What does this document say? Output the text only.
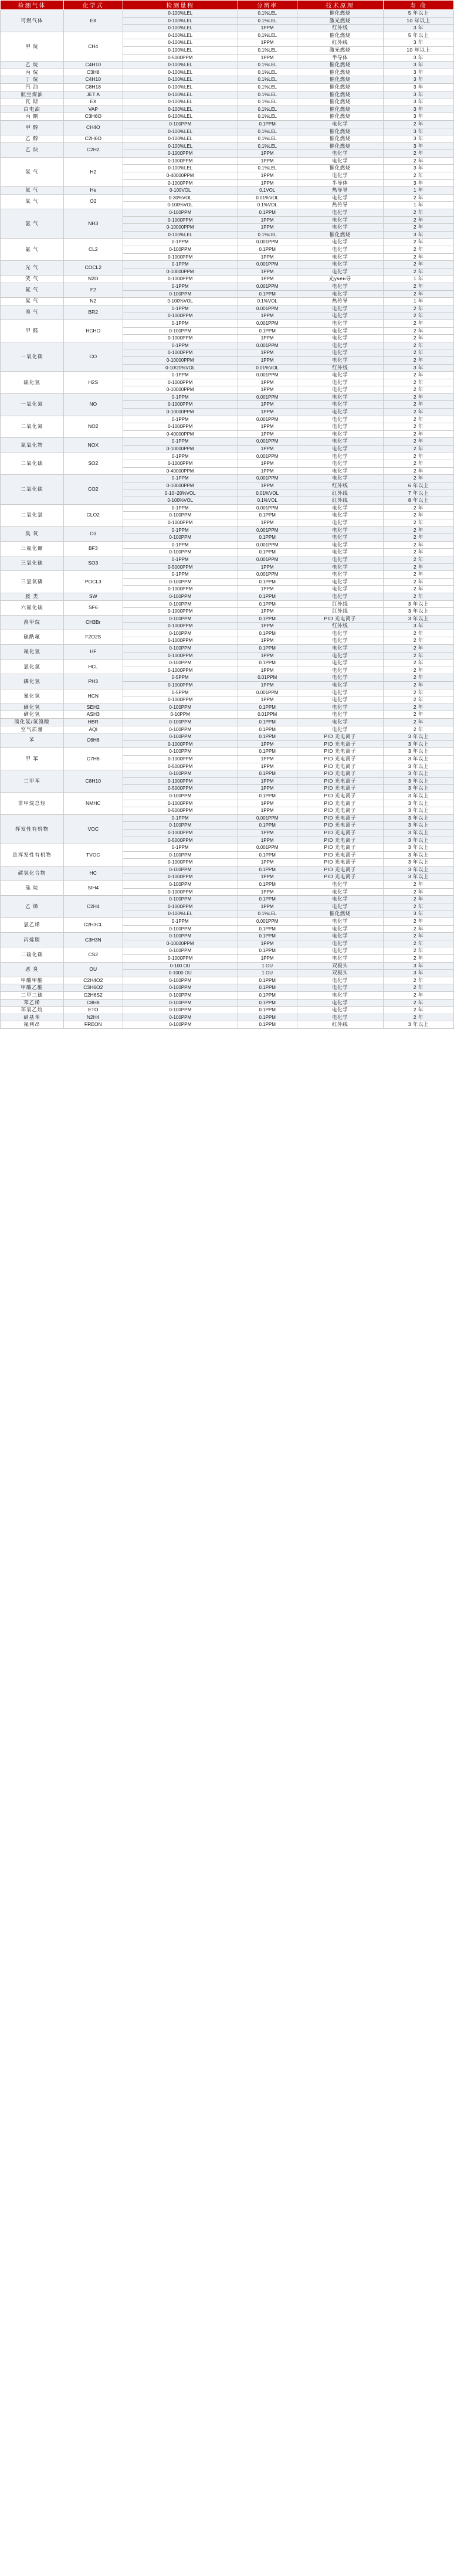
检测气体	化学式	检测量程	分辨率	技术原理	寿 命
可燃气体	EX	0-100%LEL	0.1%LEL	催化燃烧	5 年以上
		0-100%LEL	0.1%LEL	激光燃烧	10 年以上
		0-100%LEL	1PPM	红外线	3 年
甲 烷	CH4	0-100%LEL	0.1%LEL	催化燃烧	5 年以上
		0-100%LEL	1PPM	红外线	3 年
		0-100%LEL	0.1%LEL	激光燃烧	10 年以上
		0-5000PPM	1PPM	半导体	3 年
乙 烷	C4H10	0-100%LEL	0.1%LEL	催化燃烧	3 年
丙 烷	C3H8	0-100%LEL	0.1%LEL	催化燃烧	3 年
丁 烷	C4H10	0-100%LEL	0.1%LEL	催化燃烧	3 年
汽 油	C8H18	0-100%LEL	0.1%LEL	催化燃烧	3 年
航空煤油	JET A	0-100%LEL	0.1%LEL	催化燃烧	3 年
瓦 斯	EX	0-100%LEL	0.1%LEL	催化燃烧	3 年
白电油	VAP	0-100%LEL	0.1%LEL	催化燃烧	3 年
丙 酮	C3H6O	0-100%LEL	0.1%LEL	催化燃烧	3 年
甲 醇	CH4O	0-100PPM	0.1PPM	电化学	2 年
		0-100%LEL	0.1%LEL	催化燃烧	3 年
乙 醇	C2H6O	0-100%LEL	0.1%LEL	催化燃烧	3 年
乙 炔	C2H2	0-100%LEL	0.1%LEL	催化燃烧	3 年
		0-1000PPM	1PPM	电化学	2 年
氢 气	H2	0-1000PPM	1PPM	电化学	2 年
		0-100%LEL	0.1%LEL	催化燃烧	3 年
		0-40000PPM	1PPM	电化学	2 年
		0-1000PPM	1PPM	半导体	3 年
氦 气	He	0-100VOL	0.1VOL	热导导	1 年
氧 气	O2	0-30%VOL	0.01%VOL	电化学	2 年
		0-100%VOL	0.1%VOL	热传导	1 年
氨 气	NH3	0-100PPM	0.1PPM	电化学	2 年
		0-1000PPM	1PPM	电化学	2 年
		0-10000PPM	1PPM	电化学	2 年
		0-100%LEL	0.1%LEL	催化燃烧	3 年
氯 气	CL2	0-1PPM	0.001PPM	电化学	2 年
		0-100PPM	0.1PPM	电化学	2 年
		0-1000PPM	1PPM	电化学	2 年
光 气	COCL2	0-1PPM	0.001PPM	电化学	2 年
		0-10000PPM	1PPM	电化学	2 年
笑 气	N2O	0-1000PPM	1PPM	光учен导	1 年
氟 气	F2	0-1PPM	0.001PPM	电化学	2 年
		0-100PPM	0.1PPM	电化学	2 年
氮 气	N2	0-100%VOL	0.1%VOL	热传导	1 年
溴 气	BR2	0-1PPM	0.001PPM	电化学	2 年
		0-1000PPM	1PPM	电化学	2 年
甲 醛	HCHO	0-1PPM	0.001PPM	电化学	2 年
		0-100PPM	0.1PPM	电化学	2 年
		0-1000PPM	1PPM	电化学	2 年
一氧化碳	CO	0-1PPM	0.001PPM	电化学	2 年
		0-1000PPM	1PPM	电化学	2 年
		0-10000PPM	1PPM	电化学	2 年
		0-10/20%VOL	0.01%VOL	红外线	3 年
硫化氢	H2S	0-1PPM	0.001PPM	电化学	2 年
		0-1000PPM	1PPM	电化学	2 年
		0-10000PPM	1PPM	电化学	2 年
一氧化氮	NO	0-1PPM	0.001PPM	电化学	2 年
		0-1000PPM	1PPM	电化学	2 年
		0-10000PPM	1PPM	电化学	2 年
二氧化氮	NO2	0-1PPM	0.001PPM	电化学	2 年
		0-1000PPM	1PPM	电化学	2 年
		0-40000PPM	1PPM	电化学	2 年
氮氧化物	NOX	0-1PPM	0.001PPM	电化学	2 年
		0-10000PPM	1PPM	电化学	2 年
二氧化硫	SO2	0-1PPM	0.001PPM	电化学	2 年
		0-1000PPM	1PPM	电化学	2 年
		0-40000PPM	1PPM	电化学	2 年
二氧化碳	CO2	0-1PPM	0.001PPM	电化学	2 年
		0-10000PPM	1PPM	红外线	6 年以上
		0-10~20%VOL	0.01%VOL	红外线	7 年以上
		0-100%VOL	0.1%VOL	红外线	8 年以上
二氧化氯	CLO2	0-1PPM	0.001PPM	电化学	2 年
		0-100PPM	0.1PPM	电化学	2 年
		0-1000PPM	1PPM	电化学	2 年
臭 氧	O3	0-1PPM	0.001PPM	电化学	2 年
		0-100PPM	0.1PPM	电化学	2 年
三氟化硼	BF3	0-1PPM	0.001PPM	电化学	2 年
		0-100PPM	0.1PPM	电化学	2 年
三氧化硫	SO3	0-1PPM	0.001PPM	电化学	2 年
		0-5000PPM	1PPM	电化学	2 年
三氯氧磷	POCL3	0-1PPM	0.001PPM	电化学	2 年
		0-100PPM	0.1PPM	电化学	2 年
		0-1000PPM	1PPM	电化学	2 年
胺 类	SW	0-100PPM	0.1PPM	电化学	2 年
六氟化硫	SF6	0-100PPM	0.1PPM	红外线	3 年以上
		0-1000PPM	1PPM	红外线	3 年以上
溴甲烷	CH3Br	0-100PPM	0.1PPM	PID 光电离子	3 年以上
		0-1000PPM	1PPM	红外线	3 年
硫酰氟	F2O2S	0-100PPM	0.1PPM	电化学	2 年
		0-1000PPM	1PPM	电化学	2 年
氟化氢	HF	0-100PPM	0.1PPM	电化学	2 年
		0-1000PPM	1PPM	电化学	2 年
氯化氢	HCL	0-100PPM	0.1PPM	电化学	2 年
		0-1000PPM	1PPM	电化学	2 年
磷化氢	PH3	0-5PPM	0.01PPM	电化学	2 年
		0-1000PPM	1PPM	电化学	2 年
氰化氢	HCN	0-5PPM	0.001PPM	电化学	2 年
		0-1000PPM	1PPM	电化学	2 年
硒化氢	SEH2	0-100PPM	0.1PPM	电化学	2 年
砷化氢	ASH3	0-10PPM	0.01PPM	电化学	2 年
溴化氢/氢溴酸	HBR	0-100PPM	0.1PPM	电化学	2 年
空气质量	AQI	0-100PPM	0.1PPM	电化学	2 年
苯	C6H6	0-100PPM	0.1PPM	PID 光电离子	3 年以上
		0-1000PPM	1PPM	PID 光电离子	3 年以上
甲 苯	C7H8	0-100PPM	0.1PPM	PID 光电离子	3 年以上
		0-1000PPM	1PPM	PID 光电离子	3 年以上
		0-5000PPM	1PPM	PID 光电离子	3 年以上
二甲苯	C8H10	0-100PPM	0.1PPM	PID 光电离子	3 年以上
		0-1000PPM	1PPM	PID 光电离子	3 年以上
		0-5000PPM	1PPM	PID 光电离子	3 年以上
非甲烷总烃	NMHC	0-100PPM	0.1PPM	PID 光电离子	3 年以上
		0-1000PPM	1PPM	PID 光电离子	3 年以上
		0-5000PPM	1PPM	PID 光电离子	3 年以上
挥发性有机物	VOC	0-1PPM	0.001PPM	PID 光电离子	3 年以上
		0-100PPM	0.1PPM	PID 光电离子	3 年以上
		0-1000PPM	1PPM	PID 光电离子	3 年以上
		0-5000PPM	1PPM	PID 光电离子	3 年以上
总挥发性有机物	TVOC	0-1PPM	0.001PPM	PID 光电离子	3 年以上
		0-100PPM	0.1PPM	PID 光电离子	3 年以上
		0-1000PPM	1PPM	PID 光电离子	3 年以上
碳氢化合物	HC	0-100PPM	0.1PPM	PID 光电离子	3 年以上
		0-1000PPM	1PPM	PID 光电离子	3 年以上
硅 烷	SIH4	0-100PPM	0.1PPM	电化学	2 年
		0-1000PPM	1PPM	电化学	2 年
乙 烯	C2H4	0-100PPM	0.1PPM	电化学	2 年
		0-1000PPM	1PPM	电化学	2 年
		0-100%LEL	0.1%LEL	催化燃烧	3 年
氯乙烯	C2H3CL	0-1PPM	0.001PPM	电化学	2 年
		0-100PPM	0.1PPM	电化学	2 年
丙烯腈	C3H3N	0-100PPM	0.1PPM	电化学	2 年
		0-10000PPM	1PPM	电化学	2 年
二硫化碳	CS2	0-100PPM	0.1PPM	电化学	2 年
		0-1000PPM	1PPM	电化学	2 年
恶 臭	OU	0-100 OU	1 OU	双极头	3 年
		0-1000 OU	1 OU	双极头	3 年
甲酸甲酯	C2H4O2	0-100PPM	0.1PPM	电化学	2 年
甲酸乙酯	C3H6O2	0-100PPM	0.1PPM	电化学	2 年
二甲二硫	C2H6S2	0-100PPM	0.1PPM	电化学	2 年
苯乙烯	C8H8	0-100PPM	0.1PPM	电化学	2 年
环氧乙烷	ETO	0-100PPM	0.1PPM	电化学	2 年
硝基苯	N2H4	0-100PPM	0.1PPM	电化学	2 年
氟利昂	FREON	0-100PPM	0.1PPM	红外线	3 年以上
